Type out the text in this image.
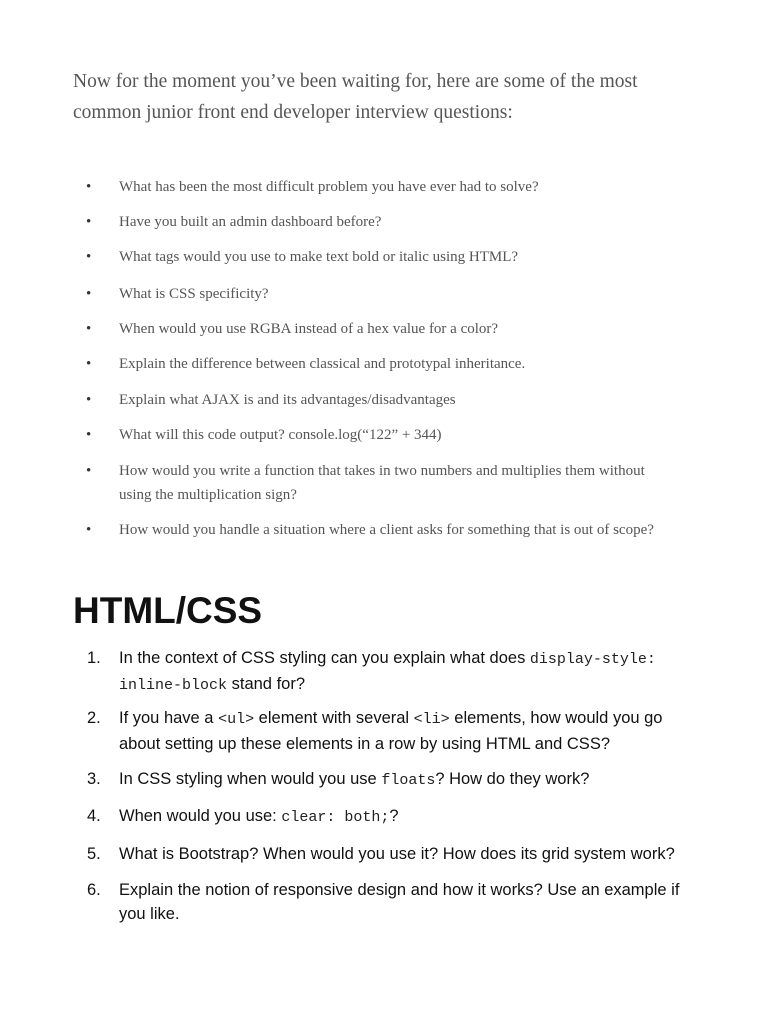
Now for the moment you’ve been waiting for, here are some of the most common junior front end developer interview questions:

• What has been the most difficult problem you have ever had to solve?
• Have you built an admin dashboard before?
• What tags would you use to make text bold or italic using HTML?
• What is CSS specificity?
• When would you use RGBA instead of a hex value for a color?
• Explain the difference between classical and prototypal inheritance.
• Explain what AJAX is and its advantages/disadvantages
• What will this code output? console.log(“122” + 344)
• How would you write a function that takes in two numbers and multiplies them without using the multiplication sign?
• How would you handle a situation where a client asks for something that is out of scope?
HTML/CSS
1.	In the context of CSS styling can you explain what does display-style: inline-block stand for?
2.	If you have a <ul> element with several <li> elements, how would you go about setting up these elements in a row by using HTML and CSS?
3.	In CSS styling when would you use floats? How do they work?
4.	When would you use: clear: both;?
5.	What is Bootstrap? When would you use it? How does its grid system work?
6.	Explain the notion of responsive design and how it works? Use an example if you like.
